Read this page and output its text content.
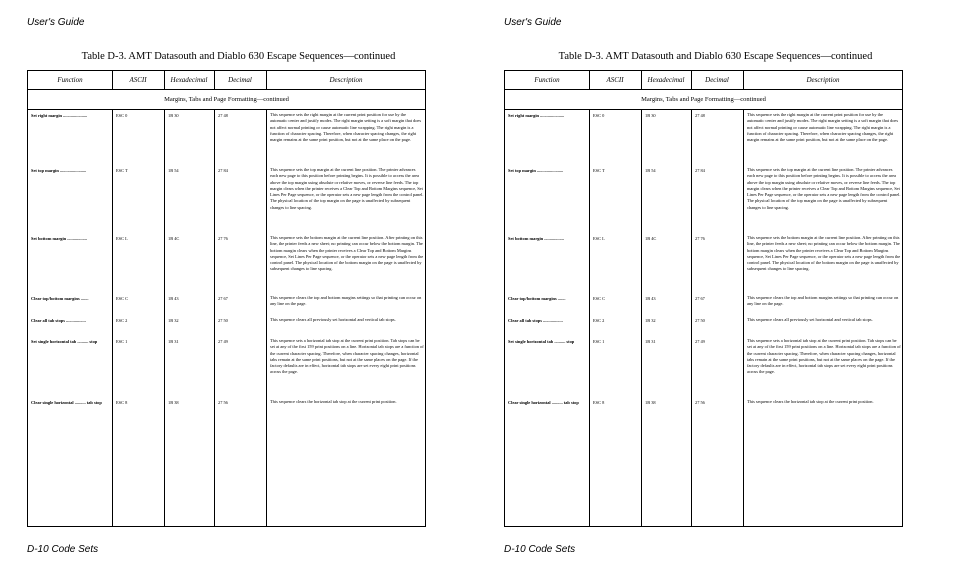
User's Guide
Table D-3. AMT Datasouth and Diablo 630 Escape Sequences—continued
Function	ASCII	Hexadecimal	Decimal	Description
Margins, Tabs and Page Formatting—continued
Set right margin ......................	ESC 0	1B 30	27 48	This sequence sets the right margin at the current print position for use by the automatic center and justify modes. The right margin setting is a soft margin that does not affect normal printing or cause automatic line wrapping. The right margin is a function of character spacing. Therefore, when character spacing changes, the right margin remains at the same print position, but not at the same place on the page.
Set top margin ........................	ESC T	1B 54	27 84	This sequence sets the top margin at the current line position. The printer advances each new page to this position before printing begins. It is possible to access the area above the top margin using absolute or relative moves, or reverse line feeds. The top margin clears when the printer receives a Clear Top and Bottom Margins sequence, Set Lines Per Page sequence, or the operator sets a new page length from the control panel. The physical location of the top margin on the page is unaffected by subsequent changes to line spacing.
Set bottom margin ..................	ESC L	1B 4C	27 76	This sequence sets the bottom margin at the current line position. After printing on this line, the printer feeds a new sheet; no printing can occur below the bottom margin. The bottom margin clears when the printer receives a Clear Top and Bottom Margins sequence, Set Lines Per Page sequence, or the operator sets a new page length from the control panel. The physical location of the bottom margin on the page is unaffected by subsequent changes to line spacing.
Clear top/bottom margins .......	ESC C	1B 43	27 67	This sequence clears the top and bottom margins settings so that printing can occur on any line on the page.
Clear all tab stops ..................	ESC 2	1B 32	27 50	This sequence clears all previously set horizontal and vertical tab stops.
Set single horizontal tab .......... stop	ESC 1	1B 31	27 49	This sequence sets a horizontal tab stop at the current print position. Tab stops can be set at any of the first 159 print positions on a line. Horizontal tab stops are a function of the current character spacing. Therefore, when character spacing changes, horizontal tabs remain at the same print positions, but not at the same places on the page. If the factory defaults are in effect, horizontal tab stops are set every eight print positions across the page.
Clear single horizontal .......... tab stop	ESC 8	1B 38	27 56	This sequence clears the horizontal tab stop at the current print position.
D-10 Code Sets
User's Guide
Table D-3. AMT Datasouth and Diablo 630 Escape Sequences—continued
Function	ASCII	Hexadecimal	Decimal	Description
Margins, Tabs and Page Formatting—continued
Set right margin ......................	ESC 0	1B 30	27 48	This sequence sets the right margin at the current print position for use by the automatic center and justify modes. The right margin setting is a soft margin that does not affect normal printing or cause automatic line wrapping. The right margin is a function of character spacing. Therefore, when character spacing changes, the right margin remains at the same print position, but not at the same place on the page.
Set top margin ........................	ESC T	1B 54	27 84	This sequence sets the top margin at the current line position. The printer advances each new page to this position before printing begins. It is possible to access the area above the top margin using absolute or relative moves, or reverse line feeds. The top margin clears when the printer receives a Clear Top and Bottom Margins sequence, Set Lines Per Page sequence, or the operator sets a new page length from the control panel. The physical location of the top margin on the page is unaffected by subsequent changes to line spacing.
Set bottom margin ..................	ESC L	1B 4C	27 76	This sequence sets the bottom margin at the current line position. After printing on this line, the printer feeds a new sheet; no printing can occur below the bottom margin. The bottom margin clears when the printer receives a Clear Top and Bottom Margins sequence, Set Lines Per Page sequence, or the operator sets a new page length from the control panel. The physical location of the bottom margin on the page is unaffected by subsequent changes to line spacing.
Clear top/bottom margins .......	ESC C	1B 43	27 67	This sequence clears the top and bottom margins settings so that printing can occur on any line on the page.
Clear all tab stops ..................	ESC 2	1B 32	27 50	This sequence clears all previously set horizontal and vertical tab stops.
Set single horizontal tab .......... stop	ESC 1	1B 31	27 49	This sequence sets a horizontal tab stop at the current print position. Tab stops can be set at any of the first 159 print positions on a line. Horizontal tab stops are a function of the current character spacing. Therefore, when character spacing changes, horizontal tabs remain at the same print positions, but not at the same places on the page. If the factory defaults are in effect, horizontal tab stops are set every eight print positions across the page.
Clear single horizontal .......... tab stop	ESC 8	1B 38	27 56	This sequence clears the horizontal tab stop at the current print position.
D-10 Code Sets
